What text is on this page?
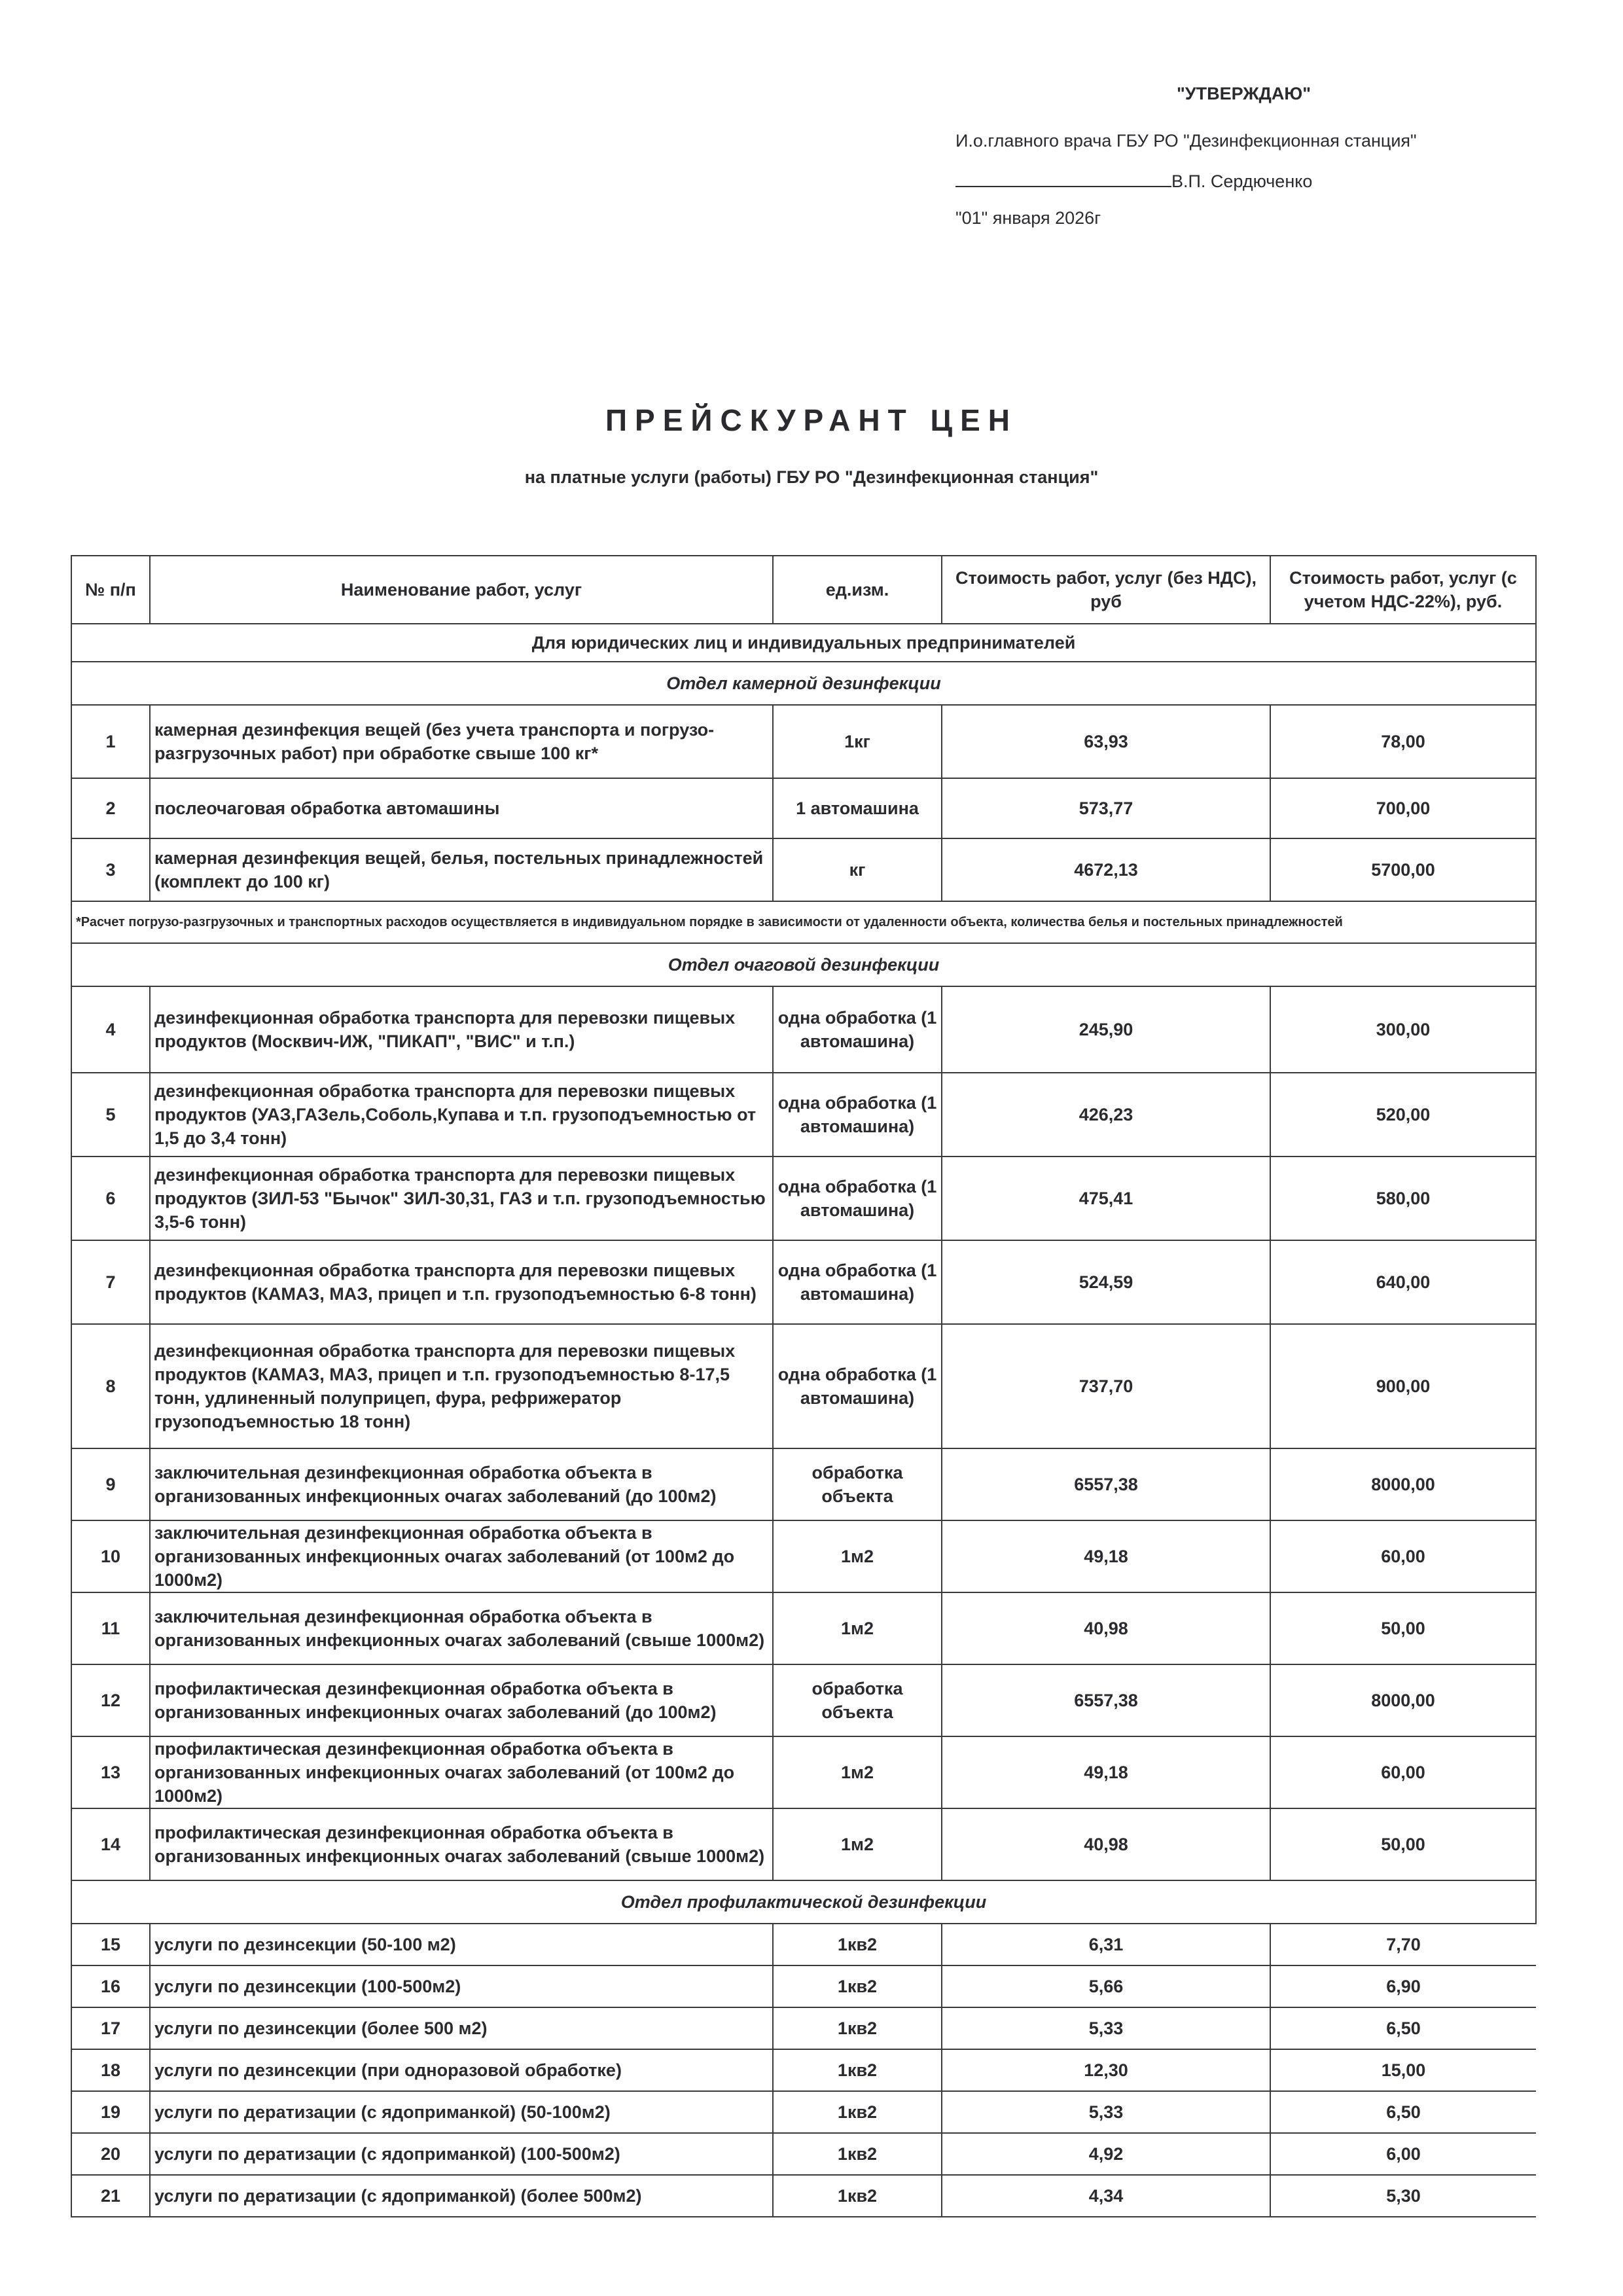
"УТВЕРЖДАЮ"
И.о.главного врача ГБУ РО "Дезинфекционная станция"
В.П. Сердюченко
"01" января 2026г
ПРЕЙСКУРАНТ ЦЕН
на платные услуги (работы) ГБУ РО "Дезинфекционная станция"
№ п/п	Наименование работ, услуг	ед.изм.	Стоимость работ, услуг (без НДС), руб	Стоимость работ, услуг (с учетом НДС-22%), руб.
Для юридических лиц и индивидуальных предпринимателей				
Отдел камерной дезинфекции				
1	камерная дезинфекция вещей (без учета транспорта и погрузо-разгрузочных работ) при обработке свыше 100 кг*	1кг	63,93	78,00
2	послеочаговая обработка автомашины	1 автомашина	573,77	700,00
3	камерная дезинфекция вещей, белья, постельных принадлежностей (комплект до 100 кг)	кг	4672,13	5700,00
*Расчет погрузо-разгрузочных и транспортных расходов осуществляется в индивидуальном порядке в зависимости от удаленности объекта, количества белья и постельных принадлежностей				
Отдел очаговой дезинфекции				
4	дезинфекционная обработка транспорта для перевозки пищевых продуктов (Москвич-ИЖ, "ПИКАП", "ВИС" и т.п.)	одна обработка (1 автомашина)	245,90	300,00
5	дезинфекционная обработка транспорта для перевозки пищевых продуктов (УАЗ,ГАЗель,Соболь,Купава и т.п. грузоподъемностью от 1,5 до 3,4 тонн)	одна обработка (1 автомашина)	426,23	520,00
6	дезинфекционная обработка транспорта для перевозки пищевых продуктов (ЗИЛ-53 "Бычок" ЗИЛ-30,31, ГАЗ и т.п. грузоподъемностью 3,5-6 тонн)	одна обработка (1 автомашина)	475,41	580,00
7	дезинфекционная обработка транспорта для перевозки пищевых продуктов (КАМАЗ, МАЗ, прицеп и т.п. грузоподъемностью 6-8 тонн)	одна обработка (1 автомашина)	524,59	640,00
8	дезинфекционная обработка транспорта для перевозки пищевых продуктов (КАМАЗ, МАЗ, прицеп и т.п. грузоподъемностью 8-17,5 тонн, удлиненный полуприцеп, фура, рефрижератор грузоподъемностью 18 тонн)	одна обработка (1 автомашина)	737,70	900,00
9	заключительная дезинфекционная обработка объекта в организованных инфекционных очагах заболеваний (до 100м2)	обработка объекта	6557,38	8000,00
10	заключительная дезинфекционная обработка объекта в организованных инфекционных очагах заболеваний (от 100м2 до 1000м2)	1м2	49,18	60,00
11	заключительная дезинфекционная обработка объекта в организованных инфекционных очагах заболеваний (свыше 1000м2)	1м2	40,98	50,00
12	профилактическая дезинфекционная обработка объекта в организованных инфекционных очагах заболеваний (до 100м2)	обработка объекта	6557,38	8000,00
13	профилактическая дезинфекционная обработка объекта в организованных инфекционных очагах заболеваний (от 100м2 до 1000м2)	1м2	49,18	60,00
14	профилактическая дезинфекционная обработка объекта в организованных инфекционных очагах заболеваний (свыше 1000м2)	1м2	40,98	50,00
Отдел профилактической дезинфекции				
15	услуги по дезинсекции (50-100 м2)	1кв2	6,31	7,70
16	услуги по дезинсекции (100-500м2)	1кв2	5,66	6,90
17	услуги по дезинсекции (более 500 м2)	1кв2	5,33	6,50
18	услуги по дезинсекции (при одноразовой обработке)	1кв2	12,30	15,00
19	услуги по дератизации (с ядоприманкой) (50-100м2)	1кв2	5,33	6,50
20	услуги по дератизации (с ядоприманкой) (100-500м2)	1кв2	4,92	6,00
21	услуги по дератизации (с ядоприманкой) (более 500м2)	1кв2	4,34	5,30
